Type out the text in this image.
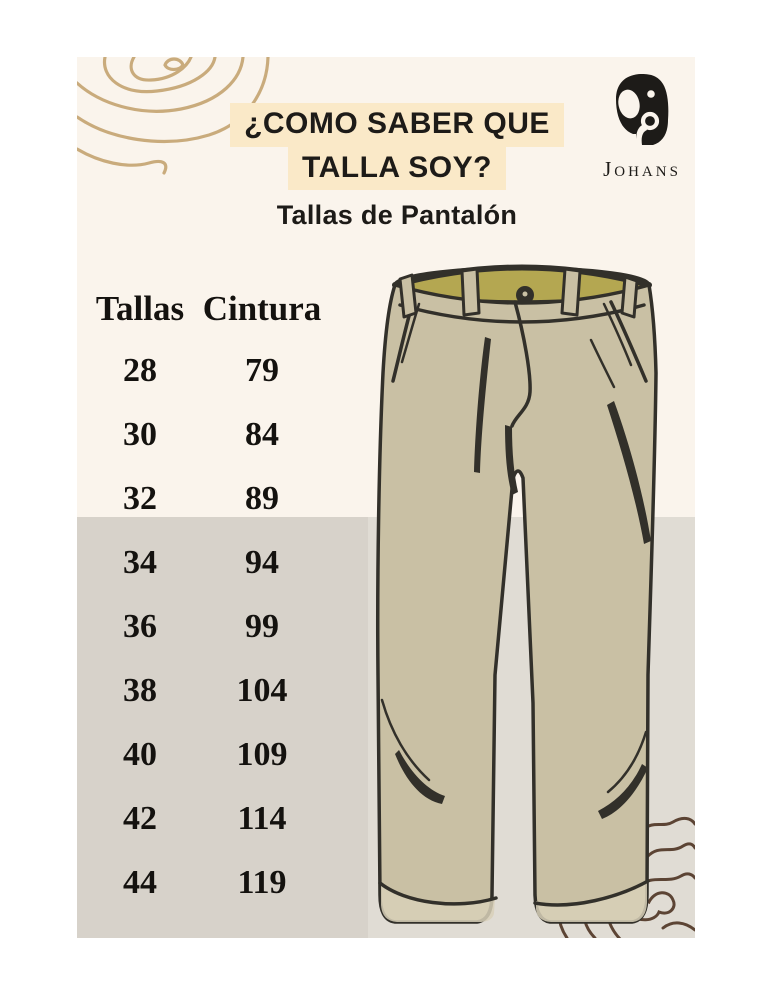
¿COMO SABER QUE
TALLA SOY?
Tallas de Pantalón
Johans
Tallas Cintura
28	79
30	84
32	89
34	94
36	99
38	104
40	109
42	114
44	119
